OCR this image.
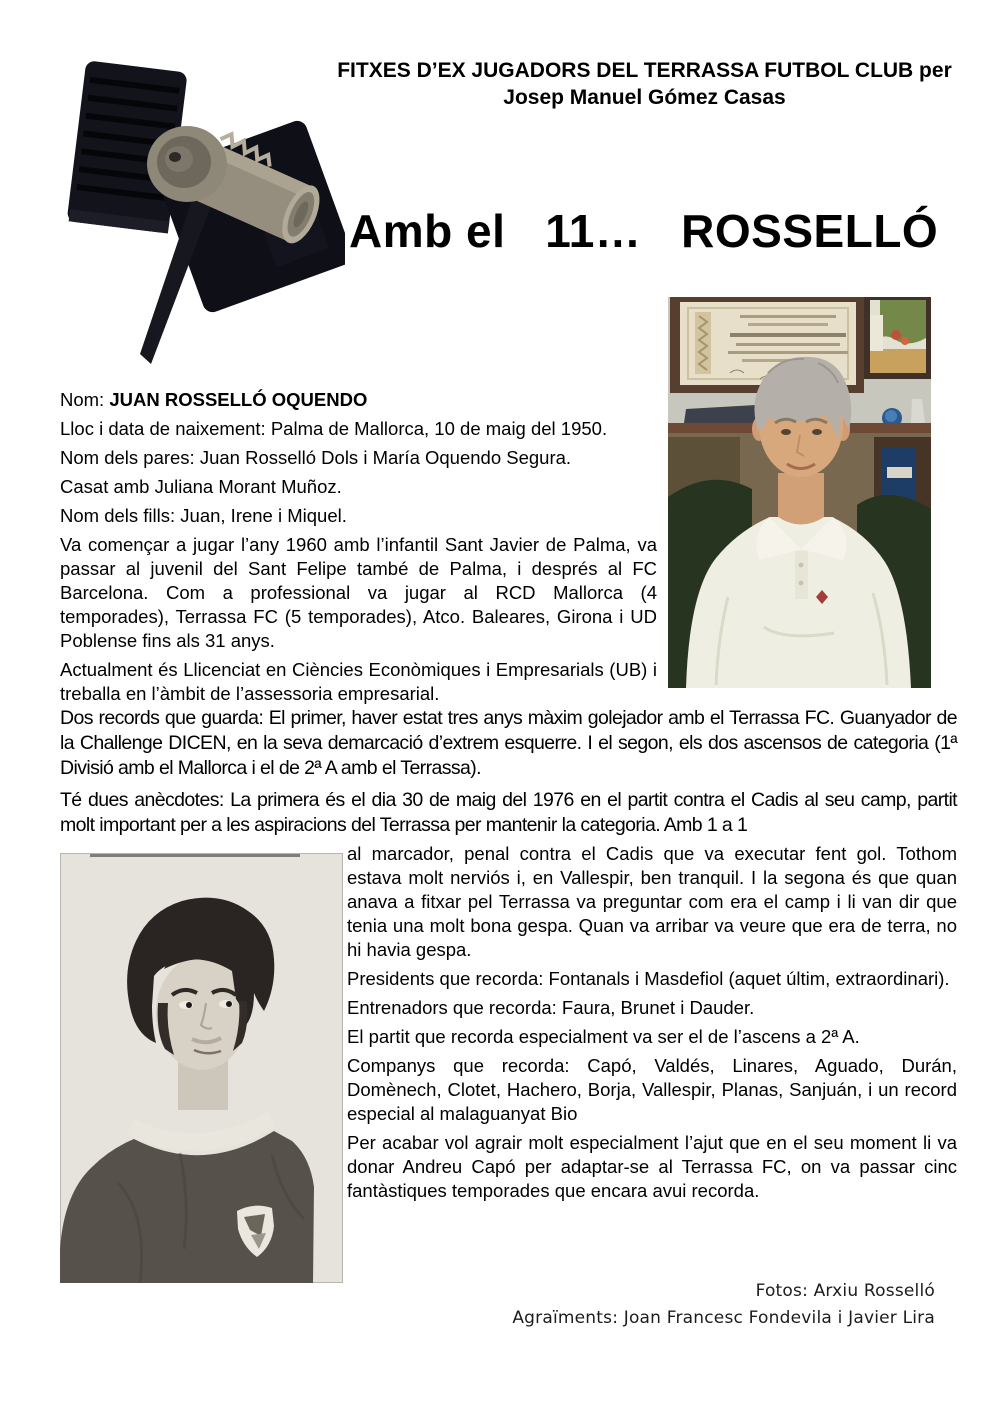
FITXES D’EX JUGADORS DEL TERRASSA FUTBOL CLUB per
Josep Manuel Gómez Casas
Amb el   11…   ROSSELLÓ

Nom: JUAN ROSSELLÓ OQUENDO

Lloc i data de naixement: Palma de Mallorca, 10 de maig del 1950.

Nom dels pares: Juan Rosselló Dols i María Oquendo Segura.

Casat amb Juliana Morant Muñoz.

Nom dels fills: Juan, Irene i Miquel.

Va començar a jugar l’any 1960 amb l’infantil Sant Javier de Palma, va passar al juvenil del Sant Felipe també de Palma, i després al FC Barcelona. Com a professional va jugar al RCD Mallorca (4 temporades), Terrassa FC (5 temporades), Atco. Baleares, Girona i UD Poblense fins als 31 anys.

Actualment és Llicenciat en Ciències Econòmiques i Empresarials (UB) i treballa en l’àmbit de l’assessoria empresarial.

Dos records que guarda: El primer, haver estat tres anys màxim golejador amb el Terrassa FC. Guanyador de la Challenge DICEN, en la seva demarcació d’extrem esquerre. I el segon, els dos ascensos de categoria (1ª Divisió amb el Mallorca i el de 2ª A amb el Terrassa).

Té dues anècdotes: La primera és el dia 30 de maig del 1976 en el partit contra el Cadis al seu camp, partit molt important per a les aspiracions del Terrassa per mantenir la categoria. Amb 1 a 1

al marcador, penal contra el Cadis que va executar fent gol. Tothom estava molt nerviós i, en Vallespir, ben tranquil. I la segona és que quan anava a fitxar pel Terrassa va preguntar com era el camp i li van dir que tenia una molt bona gespa. Quan va arribar va veure que era de terra, no hi havia gespa.

Presidents que recorda: Fontanals i Masdefiol (aquet últim, extraordinari).

Entrenadors que recorda: Faura, Brunet i Dauder.

El partit que recorda especialment va ser el de l’ascens a 2ª A.

Companys que recorda: Capó, Valdés, Linares, Aguado, Durán, Domènech, Clotet, Hachero, Borja, Vallespir, Planas, Sanjuán, i un record especial al malaguanyat Bio

Per acabar vol agrair molt especialment l’ajut que en el seu moment li va donar Andreu Capó per adaptar-se al Terrassa FC, on va passar cinc fantàstiques temporades que encara avui recorda.

Fotos: Arxiu Rosselló
Agraïments: Joan Francesc Fondevila i Javier Lira
